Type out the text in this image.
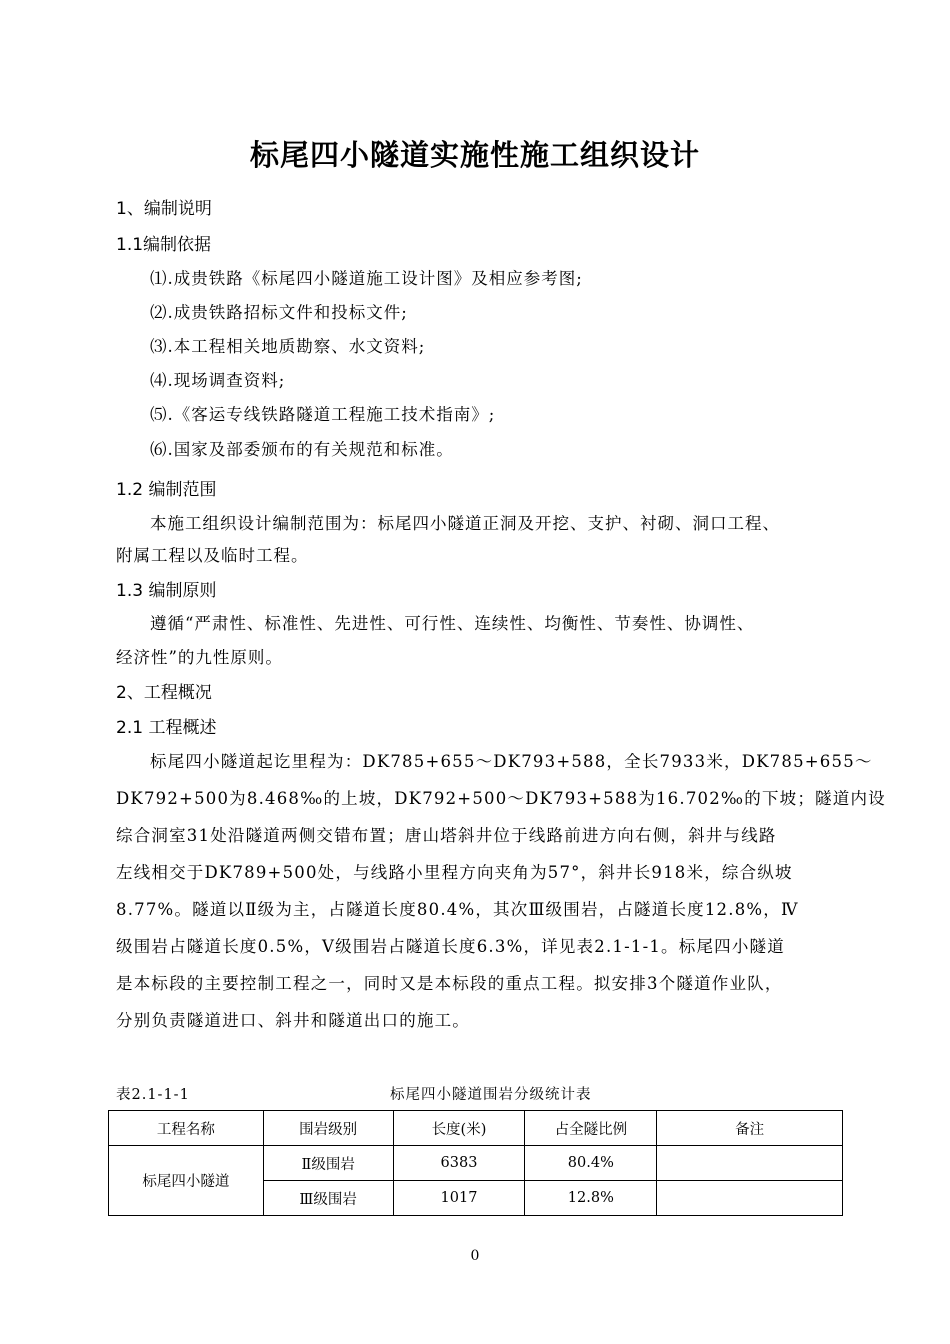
标尾四小隧道实施性施工组织设计
1、编制说明
1.1编制依据
⑴.成贵铁路《标尾四小隧道施工设计图》及相应参考图;
⑵.成贵铁路招标文件和投标文件;
⑶.本工程相关地质勘察、水文资料;
⑷.现场调查资料;
⑸.《客运专线铁路隧道工程施工技术指南》;
⑹.国家及部委颁布的有关规范和标准。
1.2 编制范围
本施工组织设计编制范围为：标尾四小隧道正洞及开挖、支护、衬砌、洞口工程、
附属工程以及临时工程。
1.3 编制原则
遵循“严肃性、标准性、先进性、可行性、连续性、均衡性、节奏性、协调性、
经济性”的九性原则。
2、工程概况
2.1 工程概述
标尾四小隧道起讫里程为：DK785+655～DK793+588，全长7933米，DK785+655～
DK792+500为8.468‰的上坡，DK792+500～DK793+588为16.702‰的下坡；隧道内设
综合洞室31处沿隧道两侧交错布置；唐山塔斜井位于线路前进方向右侧，斜井与线路
左线相交于DK789+500处，与线路小里程方向夹角为57°，斜井长918米，综合纵坡
8.77%。隧道以Ⅱ级为主，占隧道长度80.4%，其次Ⅲ级围岩，占隧道长度12.8%，Ⅳ
级围岩占隧道长度0.5%，Ⅴ级围岩占隧道长度6.3%，详见表2.1-1-1。标尾四小隧道
是本标段的主要控制工程之一，同时又是本标段的重点工程。拟安排3个隧道作业队，
分别负责隧道进口、斜井和隧道出口的施工。
表2.1-1-1	标尾四小隧道围岩分级统计表
工程名称	围岩级别	长度(米)	占全隧比例	备注
标尾四小隧道	Ⅱ级围岩	6383	80.4%	
	Ⅲ级围岩	1017	12.8%	
0
